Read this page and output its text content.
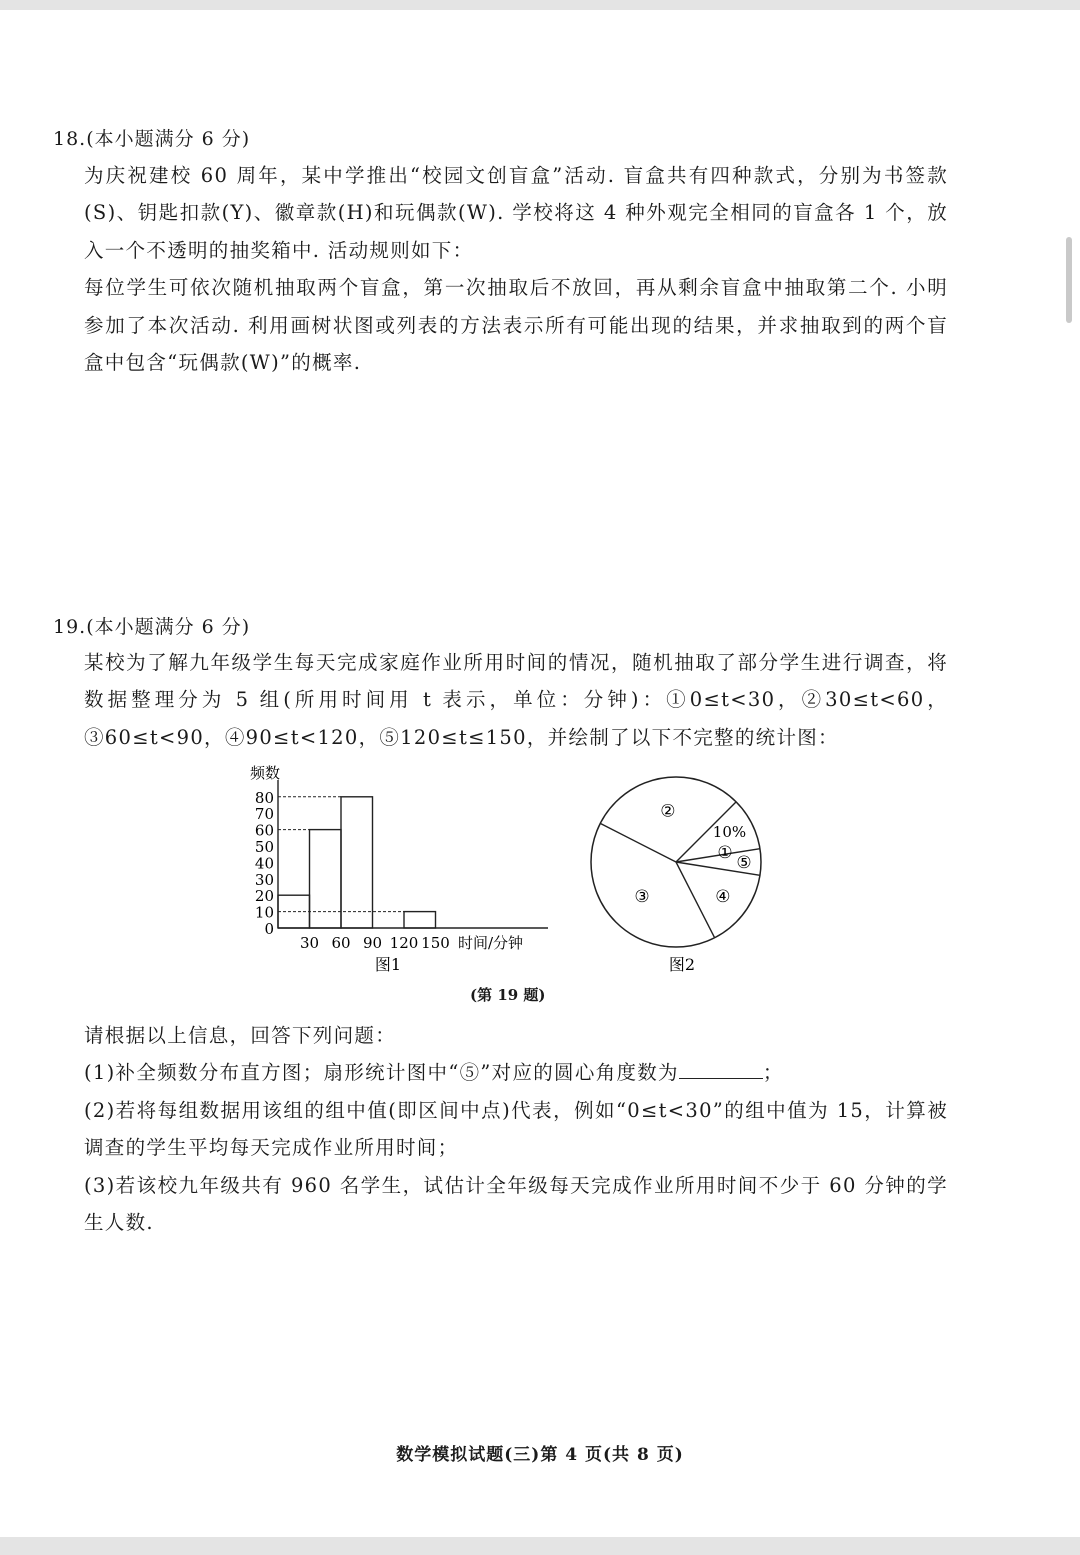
18.(本小题满分 6 分)

为庆祝建校 60 周年，某中学推出“校园文创盲盒”活动. 盲盒共有四种款式，分别为书签款(S)、钥匙扣款(Y)、徽章款(H)和玩偶款(W). 学校将这 4 种外观完全相同的盲盒各 1 个，放入一个不透明的抽奖箱中. 活动规则如下：

每位学生可依次随机抽取两个盲盒，第一次抽取后不放回，再从剩余盲盒中抽取第二个. 小明参加了本次活动. 利用画树状图或列表的方法表示所有可能出现的结果，并求抽取到的两个盲盒中包含“玩偶款(W)”的概率.

19.(本小题满分 6 分)

某校为了解九年级学生每天完成家庭作业所用时间的情况，随机抽取了部分学生进行调查，将数据整理分为 5 组(所用时间用 t 表示，单位：分钟)：①0≤t<30，②30≤t<60，③60≤t<90，④90≤t<120，⑤120≤t≤150，并绘制了以下不完整的统计图：

频数
0
10
20
30
40
50
60
70
80
30 60 90 120 150 时间/分钟
图1
① ⑤
④
③
②
10%
图2
(第 19 题)

请根据以上信息，回答下列问题：

(1)补全频数分布直方图；扇形统计图中“⑤”对应的圆心角度数为	；

(2)若将每组数据用该组的组中值(即区间中点)代表，例如“0≤t<30”的组中值为 15，计算被调查的学生平均每天完成作业所用时间；

(3)若该校九年级共有 960 名学生，试估计全年级每天完成作业所用时间不少于 60 分钟的学生人数.

数学模拟试题(三)第 4 页(共 8 页)
